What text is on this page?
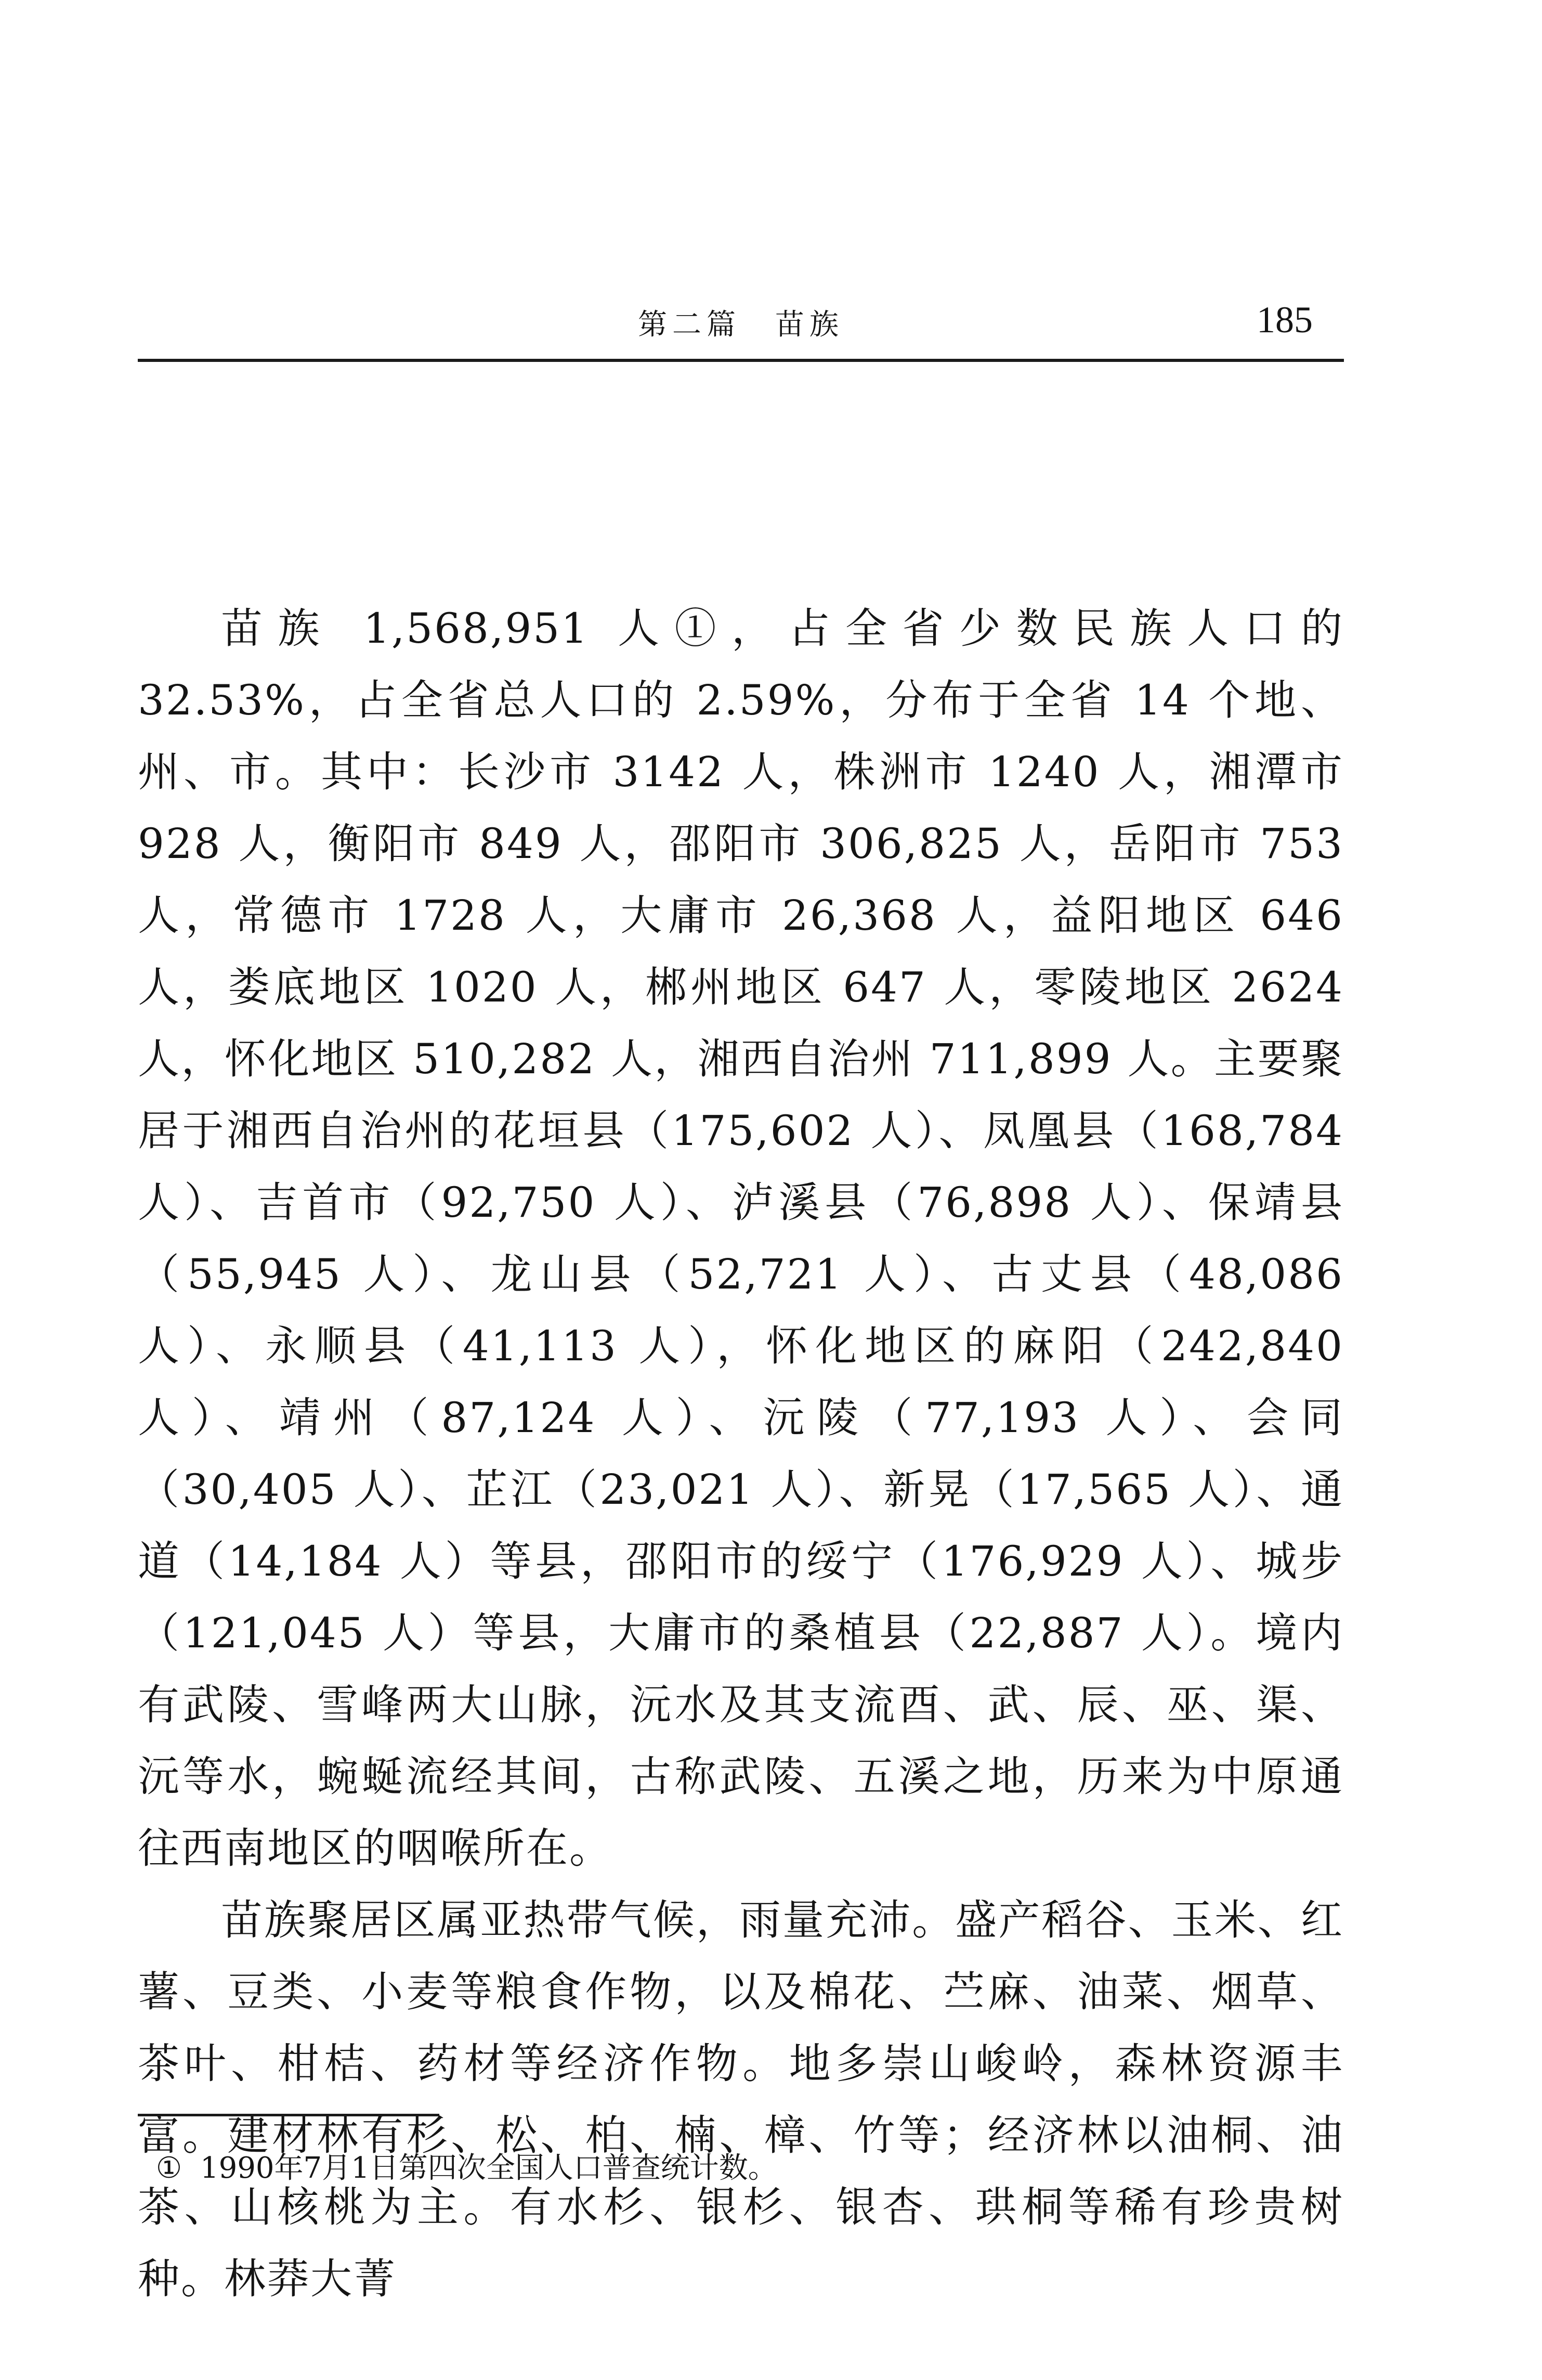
第二篇　苗族	185

苗族 1,568,951 人①，占全省少数民族人口的 32.53%，占全省总人口的 2.59%，分布于全省 14 个地、州、市。其中：长沙市 3142 人，株洲市 1240 人，湘潭市 928 人，衡阳市 849 人，邵阳市 306,825 人，岳阳市 753 人，常德市 1728 人，大庸市 26,368 人，益阳地区 646 人，娄底地区 1020 人，郴州地区 647 人，零陵地区 2624 人，怀化地区 510,282 人，湘西自治州 711,899 人。主要聚居于湘西自治州的花垣县（175,602 人）、凤凰县（168,784 人）、吉首市（92,750 人）、泸溪县（76,898 人）、保靖县（55,945 人）、龙山县（52,721 人）、古丈县（48,086 人）、永顺县（41,113 人），怀化地区的麻阳（242,840 人）、靖州（87,124 人）、沅陵（77,193 人）、会同（30,405 人）、芷江（23,021 人）、新晃（17,565 人）、通道（14,184 人）等县，邵阳市的绥宁（176,929 人）、城步（121,045 人）等县，大庸市的桑植县（22,887 人）。境内有武陵、雪峰两大山脉，沅水及其支流酉、武、辰、巫、渠、沅等水，蜿蜒流经其间，古称武陵、五溪之地，历来为中原通往西南地区的咽喉所在。

苗族聚居区属亚热带气候，雨量充沛。盛产稻谷、玉米、红薯、豆类、小麦等粮食作物，以及棉花、苎麻、油菜、烟草、茶叶、柑桔、药材等经济作物。地多崇山峻岭，森林资源丰富。建材林有杉、松、柏、楠、樟、竹等；经济林以油桐、油茶、山核桃为主。有水杉、银杉、银杏、珙桐等稀有珍贵树种。林莽大菁

① 1990年7月1日第四次全国人口普查统计数。
